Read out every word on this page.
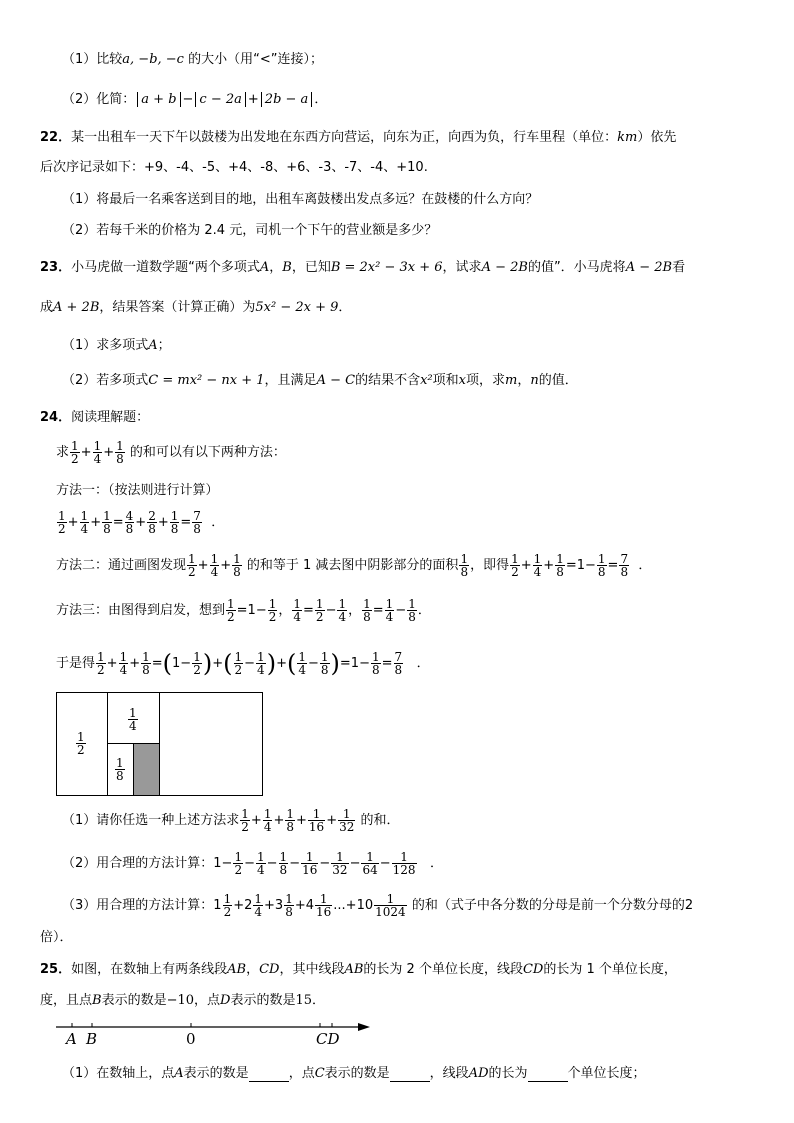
（1）比较a, −b, −c 的大小（用“<”连接）；
（2）化简： a + b − c − 2a + 2b − a ．
22．某一出租车一天下午以鼓楼为出发地在东西方向营运，向东为正，向西为负，行车里程（单位：km）依先
后次序记录如下：+9、-4、-5、+4、-8、+6、-3、-7、-4、+10.
（1）将最后一名乘客送到目的地，出租车离鼓楼出发点多远？在鼓楼的什么方向？
（2）若每千米的价格为 2.4 元，司机一个下午的营业额是多少？
23．小马虎做一道数学题“两个多项式A，B，已知B = 2x² − 3x + 6，试求A − 2B的值”．小马虎将A − 2B看
成A + 2B，结果答案（计算正确）为5x² − 2x + 9．
（1）求多项式A；
（2）若多项式C = mx² − nx + 1，且满足A − C的结果不含x²项和x项，求m，n的值．
24．阅读理解题：
求 $\frac{1}{2} + \frac{1}{4} + \frac{1}{8}$ 的和可以有以下两种方法：
方法一：（按法则进行计算）
$\frac{1}{2} + \frac{1}{4} + \frac{1}{8} = \frac{4}{8} + \frac{2}{8} + \frac{1}{8} = \frac{7}{8}$ ．
方法二：通过画图发现 $\frac{1}{2} + \frac{1}{4} + \frac{1}{8}$ 的和等于 1 减去图中阴影部分的面积 $\frac{1}{8}$ ，即得 $\frac{1}{2} + \frac{1}{4} + \frac{1}{8} =1- \frac{1}{8} = \frac{7}{8}$ ．
方法三：由图得到启发，想到 $\frac{1}{2} =1- \frac{1}{2}$ ， $\frac{1}{4} = \frac{1}{2} - \frac{1}{4}$ ， $\frac{1}{8} = \frac{1}{4} - \frac{1}{8}$ ．
于是得 $\frac{1}{2} + \frac{1}{4} + \frac{1}{8} =(1- \frac{1}{2}$ )+( $\frac{1}{2} - \frac{1}{4}$ )+( $\frac{1}{4} - \frac{1}{8} )=1- \frac{1}{8} = \frac{7}{8}$ ．
$\frac{1}{2}$
$\frac{1}{4}$
$\frac{1}{8}$
（1）请你任选一种上述方法求 $\frac{1}{2} + \frac{1}{4} + \frac{1}{8} + \frac{1}{16} + \frac{1}{32}$ 的和．
（2）用合理的方法计算：$1- \frac{1}{2} - \frac{1}{4} - \frac{1}{8} - \frac{1}{16} - \frac{1}{32} - \frac{1}{64} - \frac{1}{128}$ ．
（3）用合理的方法计算：$1 \frac{1}{2} +2 \frac{1}{4} +3 \frac{1}{8} +4 \frac{1}{16} ...+10 \frac{1}{1024}$ 的和（式子中各分数的分母是前一个分数分母的2
倍）．
25．如图，在数轴上有两条线段AB，CD，其中线段AB的长为 2 个单位长度，线段CD的长为 1 个单位长度，
度，且点B表示的数是−10，点D表示的数是15．
A B	0	CD
（1）在数轴上，点A表示的数是	，点C表示的数是	，线段AD的长为	个单位长度；
